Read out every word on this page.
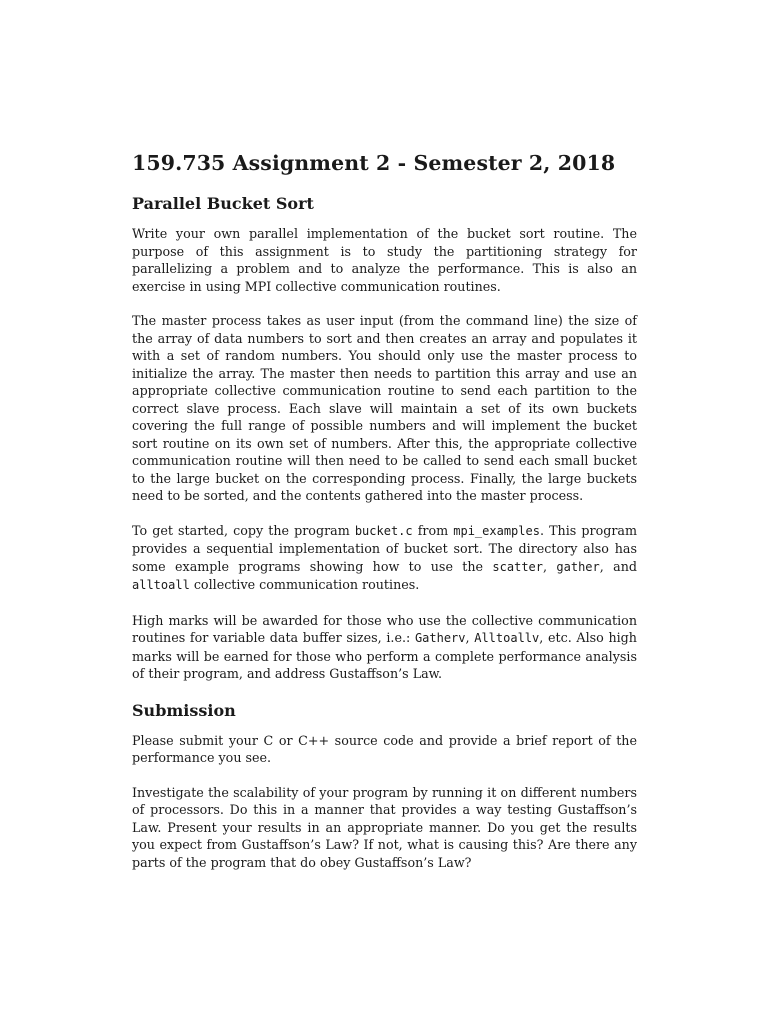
159.735 Assignment 2 - Semester 2, 2018
Parallel Bucket Sort

Write your own parallel implementation of the bucket sort routine. The purpose of this assignment is to study the partitioning strategy for parallelizing a problem and to analyze the performance. This is also an exercise in using MPI collective communication routines.

The master process takes as user input (from the command line) the size of the array of data numbers to sort and then creates an array and populates it with a set of random numbers. You should only use the master process to initialize the array. The master then needs to partition this array and use an appropriate collective communication routine to send each partition to the correct slave process. Each slave will maintain a set of its own buckets covering the full range of possible numbers and will implement the bucket sort routine on its own set of numbers. After this, the appropriate collective communication routine will then need to be called to send each small bucket to the large bucket on the corresponding process. Finally, the large buckets need to be sorted, and the contents gathered into the master process.

To get started, copy the program bucket.c from mpi_examples. This program provides a sequential implementation of bucket sort. The directory also has some example programs showing how to use the scatter, gather, and alltoall collective communication routines.

High marks will be awarded for those who use the collective communication routines for variable data buffer sizes, i.e.: Gatherv, Alltoallv, etc. Also high marks will be earned for those who perform a complete performance analysis of their program, and address Gustaffson’s Law.

Submission

Please submit your C or C++ source code and provide a brief report of the performance you see.

Investigate the scalability of your program by running it on different numbers of processors. Do this in a manner that provides a way testing Gustaffson’s Law. Present your results in an appropriate manner. Do you get the results you expect from Gustaffson’s Law? If not, what is causing this? Are there any parts of the program that do obey Gustaffson’s Law?
